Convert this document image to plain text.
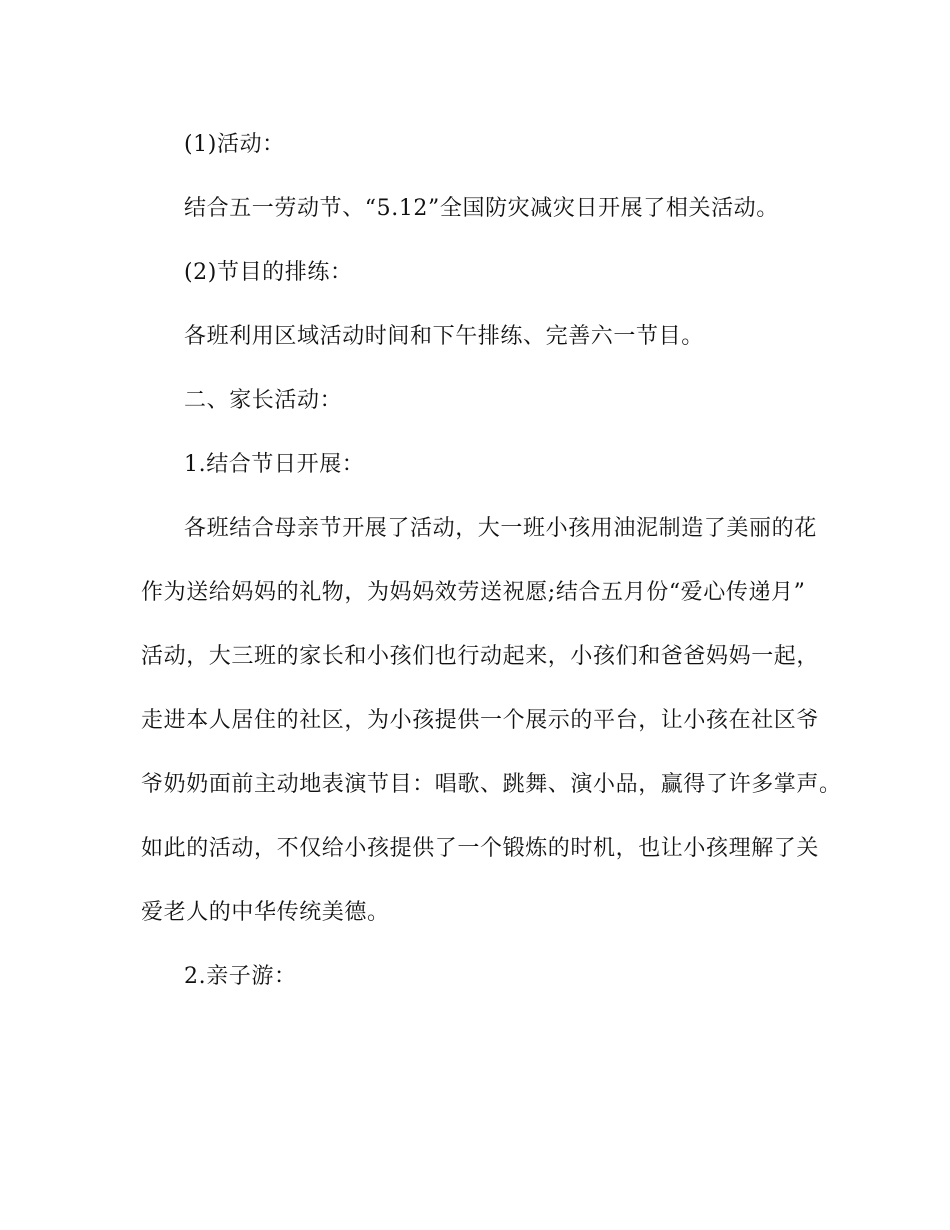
(1)活动：
结合五一劳动节、“5.12”全国防灾减灾日开展了相关活动。
(2)节目的排练：
各班利用区域活动时间和下午排练、完善六一节目。
二、家长活动：
1.结合节日开展：
各班结合母亲节开展了活动，大一班小孩用油泥制造了美丽的花
作为送给妈妈的礼物，为妈妈效劳送祝愿;结合五月份“爱心传递月”
活动，大三班的家长和小孩们也行动起来，小孩们和爸爸妈妈一起，
走进本人居住的社区，为小孩提供一个展示的平台，让小孩在社区爷
爷奶奶面前主动地表演节目：唱歌、跳舞、演小品，赢得了许多掌声。
如此的活动，不仅给小孩提供了一个锻炼的时机，也让小孩理解了关
爱老人的中华传统美德。
2.亲子游：
